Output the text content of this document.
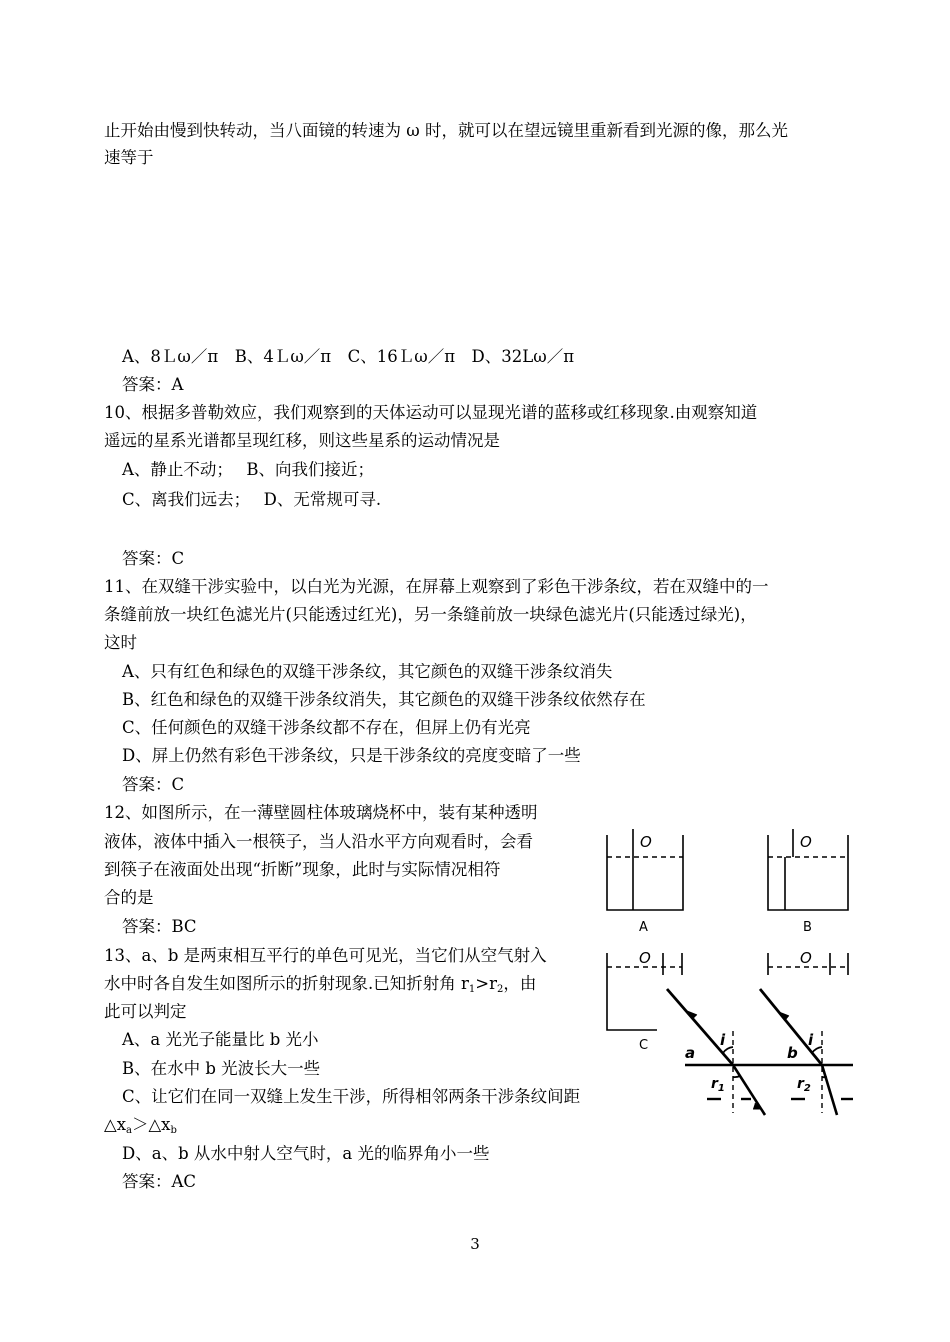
止开始由慢到快转动，当八面镜的转速为 ω 时，就可以在望远镜里重新看到光源的像，那么光
速等于
A、8Ｌω／π　B、4Ｌω／π　C、16Ｌω／π　D、32Lω／π
答案：A
10、根据多普勒效应，我们观察到的天体运动可以显现光谱的蓝移或红移现象.由观察知道
遥远的星系光谱都呈现红移，则这些星系的运动情况是
A、静止不动；　 B、向我们接近；
C、离我们远去；　 D、无常规可寻.
答案：C
11、在双缝干涉实验中，以白光为光源，在屏幕上观察到了彩色干涉条纹，若在双缝中的一
条缝前放一块红色滤光片(只能透过红光)，另一条缝前放一块绿色滤光片(只能透过绿光)，
这时
A、只有红色和绿色的双缝干涉条纹，其它颜色的双缝干涉条纹消失
B、红色和绿色的双缝干涉条纹消失，其它颜色的双缝干涉条纹依然存在
C、任何颜色的双缝干涉条纹都不存在，但屏上仍有光亮
D、屏上仍然有彩色干涉条纹，只是干涉条纹的亮度变暗了一些
答案：C
12、如图所示，在一薄壁圆柱体玻璃烧杯中，装有某种透明
液体，液体中插入一根筷子，当人沿水平方向观看时，会看
到筷子在液面处出现“折断”现象，此时与实际情况相符
合的是
答案：BC
O	O
O	O
A	B
C
13、a、b 是两束相互平行的单色可见光，当它们从空气射入
水中时各自发生如图所示的折射现象.已知折射角 $r_1>r_2$，由
此可以判定
A、a 光光子能量比 b 光小
B、在水中 b 光波长大一些
C、让它们在同一双缝上发生干涉，所得相邻两条干涉条纹间距
$\triangle x_a>\triangle x_b$
D、a、b 从水中射人空气时，a 光的临界角小一些
答案：AC
a	b
i	i
$r_1$	$r_2$
3
